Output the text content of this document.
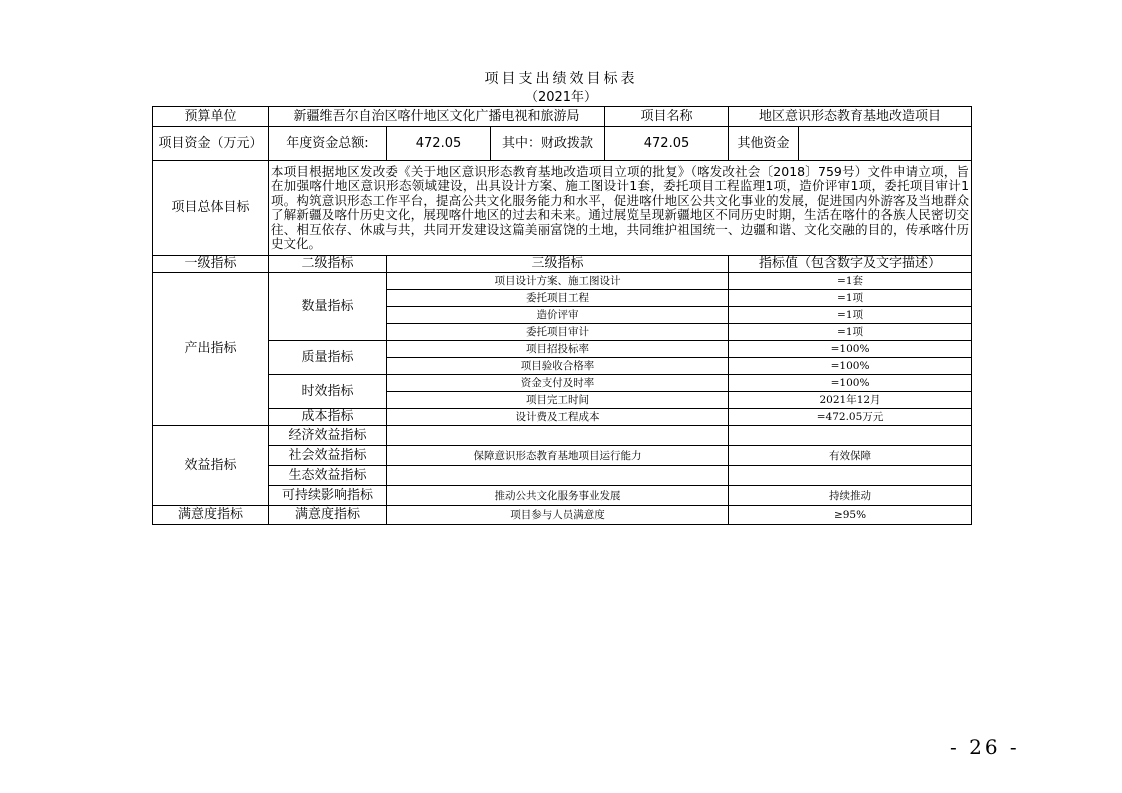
项目支出绩效目标表
（2021年）
预算单位	新疆维吾尔自治区喀什地区文化广播电视和旅游局			项目名称	地区意识形态教育基地改造项目	
项目资金（万元）	年度资金总额:	472.05	其中：财政拨款	472.05	其他资金	
项目总体目标	本项目根据地区发改委《关于地区意识形态教育基地改造项目立项的批复》（喀发改社会〔2018〕759号）文件申请立项，旨在加强喀什地区意识形态领域建设，出具设计方案、施工图设计1套，委托项目工程监理1项，造价评审1项，委托项目审计1项。构筑意识形态工作平台，提高公共文化服务能力和水平，促进喀什地区公共文化事业的发展，促进国内外游客及当地群众了解新疆及喀什历史文化，展现喀什地区的过去和未来。通过展览呈现新疆地区不同历史时期，生活在喀什的各族人民密切交往、相互依存、休戚与共，共同开发建设这篇美丽富饶的土地，共同维护祖国统一、边疆和谐、文化交融的目的，传承喀什历史文化。					
一级指标	二级指标	三级指标			指标值（包含数字及文字描述）	
产出指标	数量指标	项目设计方案、施工图设计			=1套	
		委托项目工程			=1项	
		造价评审			=1项	
		委托项目审计			=1项	
	质量指标	项目招投标率			=100%	
		项目验收合格率			=100%	
	时效指标	资金支付及时率			=100%	
		项目完工时间			2021年12月	
	成本指标	设计费及工程成本			=472.05万元	

效益指标	经济效益指标					
	社会效益指标	保障意识形态教育基地项目运行能力			有效保障	
	生态效益指标					
	可持续影响指标	推动公共文化服务事业发展			持续推动	
满意度指标	满意度指标	项目参与人员满意度			≥95%	
- 26 -
